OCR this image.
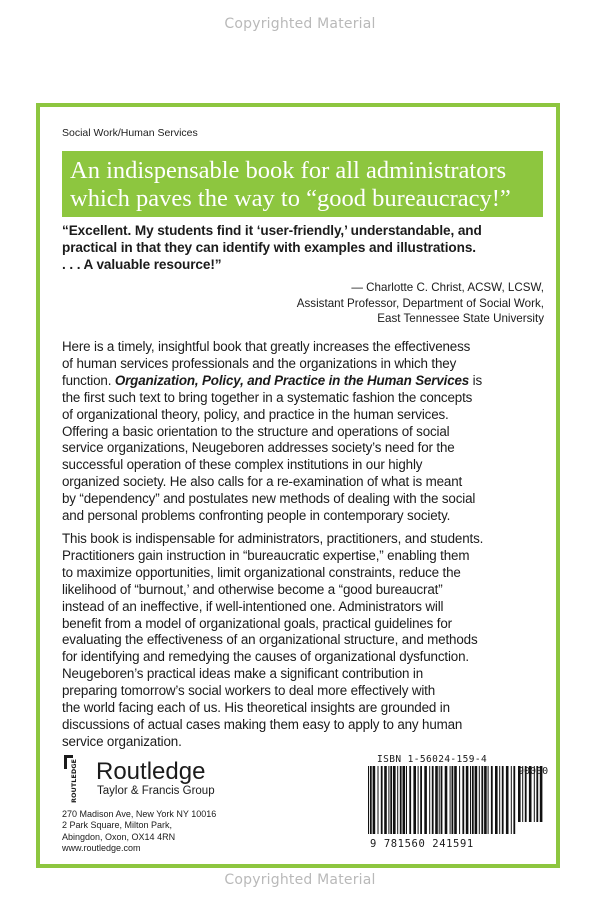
Copyrighted Material
Social Work/Human Services
An indispensable book for all administrators
which paves the way to “good bureaucracy!”
“Excellent. My students find it ‘user-friendly,’ understandable, and
practical in that they can identify with examples and illustrations.
. . . A valuable resource!”
— Charlotte C. Christ, ACSW, LCSW,
Assistant Professor, Department of Social Work,
East Tennessee State University

Here is a timely, insightful book that greatly increases the effectiveness
of human services professionals and the organizations in which they
function. Organization, Policy, and Practice in the Human Services is
the first such text to bring together in a systematic fashion the concepts
of organizational theory, policy, and practice in the human services.
Offering a basic orientation to the structure and operations of social
service organizations, Neugeboren addresses society’s need for the
successful operation of these complex institutions in our highly
organized society. He also calls for a re-examination of what is meant
by “dependency” and postulates new methods of dealing with the social
and personal problems confronting people in contemporary society.

This book is indispensable for administrators, practitioners, and students.
Practitioners gain instruction in “bureaucratic expertise,” enabling them
to maximize opportunities, limit organizational constraints, reduce the
likelihood of “burnout,’ and otherwise become a “good bureaucrat”
instead of an ineffective, if well-intentioned one. Administrators will
benefit from a model of organizational goals, practical guidelines for
evaluating the effectiveness of an organizational structure, and methods
for identifying and remedying the causes of organizational dysfunction.
Neugeboren’s practical ideas make a significant contribution in
preparing tomorrow’s social workers to deal more effectively with
the world facing each of us. His theoretical insights are grounded in
discussions of actual cases making them easy to apply to any human
service organization.

ROUTLEDGE Routledge
Taylor & Francis Group
270 Madison Ave, New York NY 10016
2 Park Square, Milton Park,
Abingdon, Oxon, OX14 4RN
www.routledge.com
ISBN 1-56024-159-4
9 781560 241591
90000
Copyrighted Material
